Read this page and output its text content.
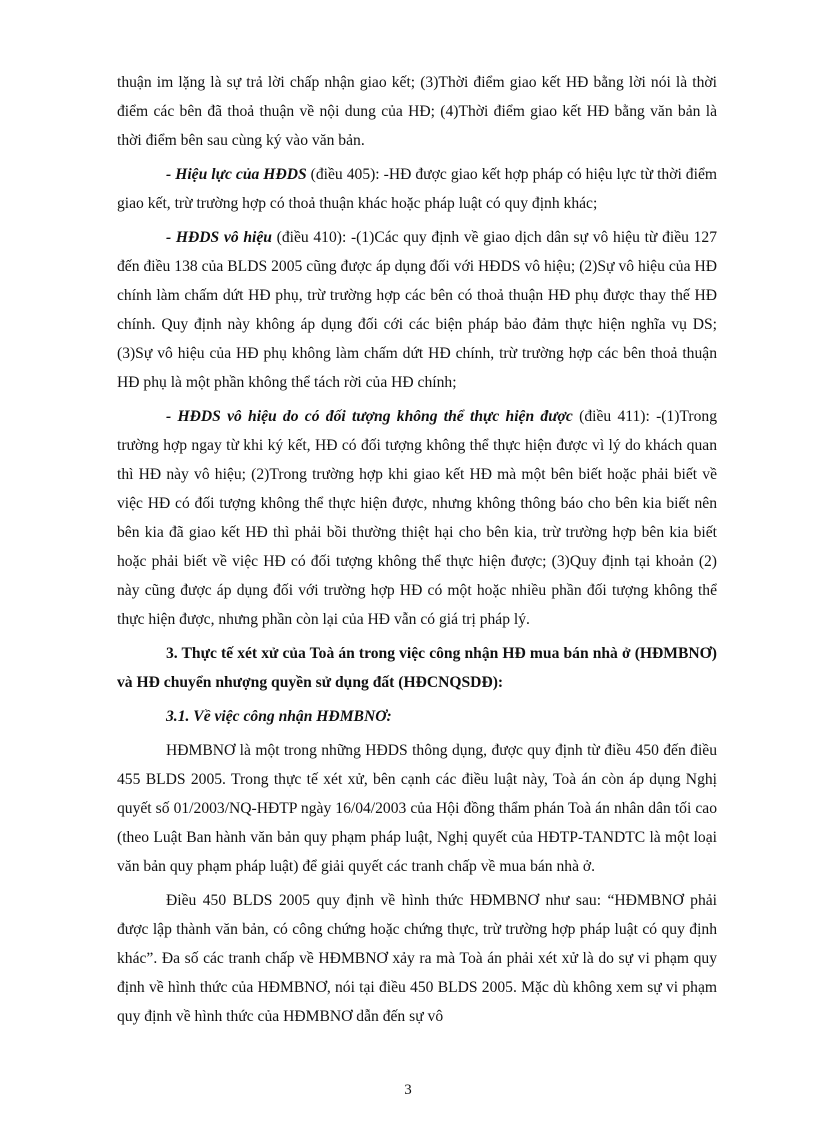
thuận im lặng là sự trả lời chấp nhận giao kết; (3)Thời điểm giao kết HĐ bằng lời nói là thời điểm các bên đã thoả thuận về nội dung của HĐ; (4)Thời điểm giao kết HĐ bằng văn bản là thời điểm bên sau cùng ký vào văn bản.

- Hiệu lực của HĐDS (điều 405): -HĐ được giao kết hợp pháp có hiệu lực từ thời điểm giao kết, trừ trường hợp có thoả thuận khác hoặc pháp luật có quy định khác;

- HĐDS vô hiệu (điều 410): -(1)Các quy định về giao dịch dân sự vô hiệu từ điều 127 đến điều 138 của BLDS 2005 cũng được áp dụng đối với HĐDS vô hiệu; (2)Sự vô hiệu của HĐ chính làm chấm dứt HĐ phụ, trừ trường hợp các bên có thoả thuận HĐ phụ được thay thế HĐ chính. Quy định này không áp dụng đối cới các biện pháp bảo đảm thực hiện nghĩa vụ DS; (3)Sự vô hiệu của HĐ phụ không làm chấm dứt HĐ chính, trừ trường hợp các bên thoả thuận HĐ phụ là một phần không thể tách rời của HĐ chính;

- HĐDS vô hiệu do có đối tượng không thể thực hiện được (điều 411): -(1)Trong trường hợp ngay từ khi ký kết, HĐ có đối tượng không thể thực hiện được vì lý do khách quan thì HĐ này vô hiệu; (2)Trong trường hợp khi giao kết HĐ mà một bên biết hoặc phải biết về việc HĐ có đối tượng không thể thực hiện được, nhưng không thông báo cho bên kia biết nên bên kia đã giao kết HĐ thì phải bồi thường thiệt hại cho bên kia, trừ trường hợp bên kia biết hoặc phải biết về việc HĐ có đối tượng không thể thực hiện được; (3)Quy định tại khoản (2) này cũng được áp dụng đối với trường hợp HĐ có một hoặc nhiều phần đối tượng không thể thực hiện được, nhưng phần còn lại của HĐ vẫn có giá trị pháp lý.

3. Thực tế xét xử của Toà án trong việc công nhận HĐ mua bán nhà ở (HĐMBNƠ) và HĐ chuyển nhượng quyền sử dụng đất (HĐCNQSDĐ):

3.1. Về việc công nhận HĐMBNƠ:

HĐMBNƠ là một trong những HĐDS thông dụng, được quy định từ điều 450 đến điều 455 BLDS 2005. Trong thực tế xét xử, bên cạnh các điều luật này, Toà án còn áp dụng Nghị quyết số 01/2003/NQ-HĐTP ngày 16/04/2003 của Hội đồng thẩm phán Toà án nhân dân tối cao (theo Luật Ban hành văn bản quy phạm pháp luật, Nghị quyết của HĐTP-TANDTC là một loại văn bản quy phạm pháp luật) để giải quyết các tranh chấp về mua bán nhà ở.

Điều 450 BLDS 2005 quy định về hình thức HĐMBNƠ như sau: “HĐMBNƠ phải được lập thành văn bản, có công chứng hoặc chứng thực, trừ trường hợp pháp luật có quy định khác”. Đa số các tranh chấp về HĐMBNƠ xảy ra mà Toà án phải xét xử là do sự vi phạm quy định về hình thức của HĐMBNƠ, nói tại điều 450 BLDS 2005. Mặc dù không xem sự vi phạm quy định về hình thức của HĐMBNƠ dẫn đến sự vô

3
